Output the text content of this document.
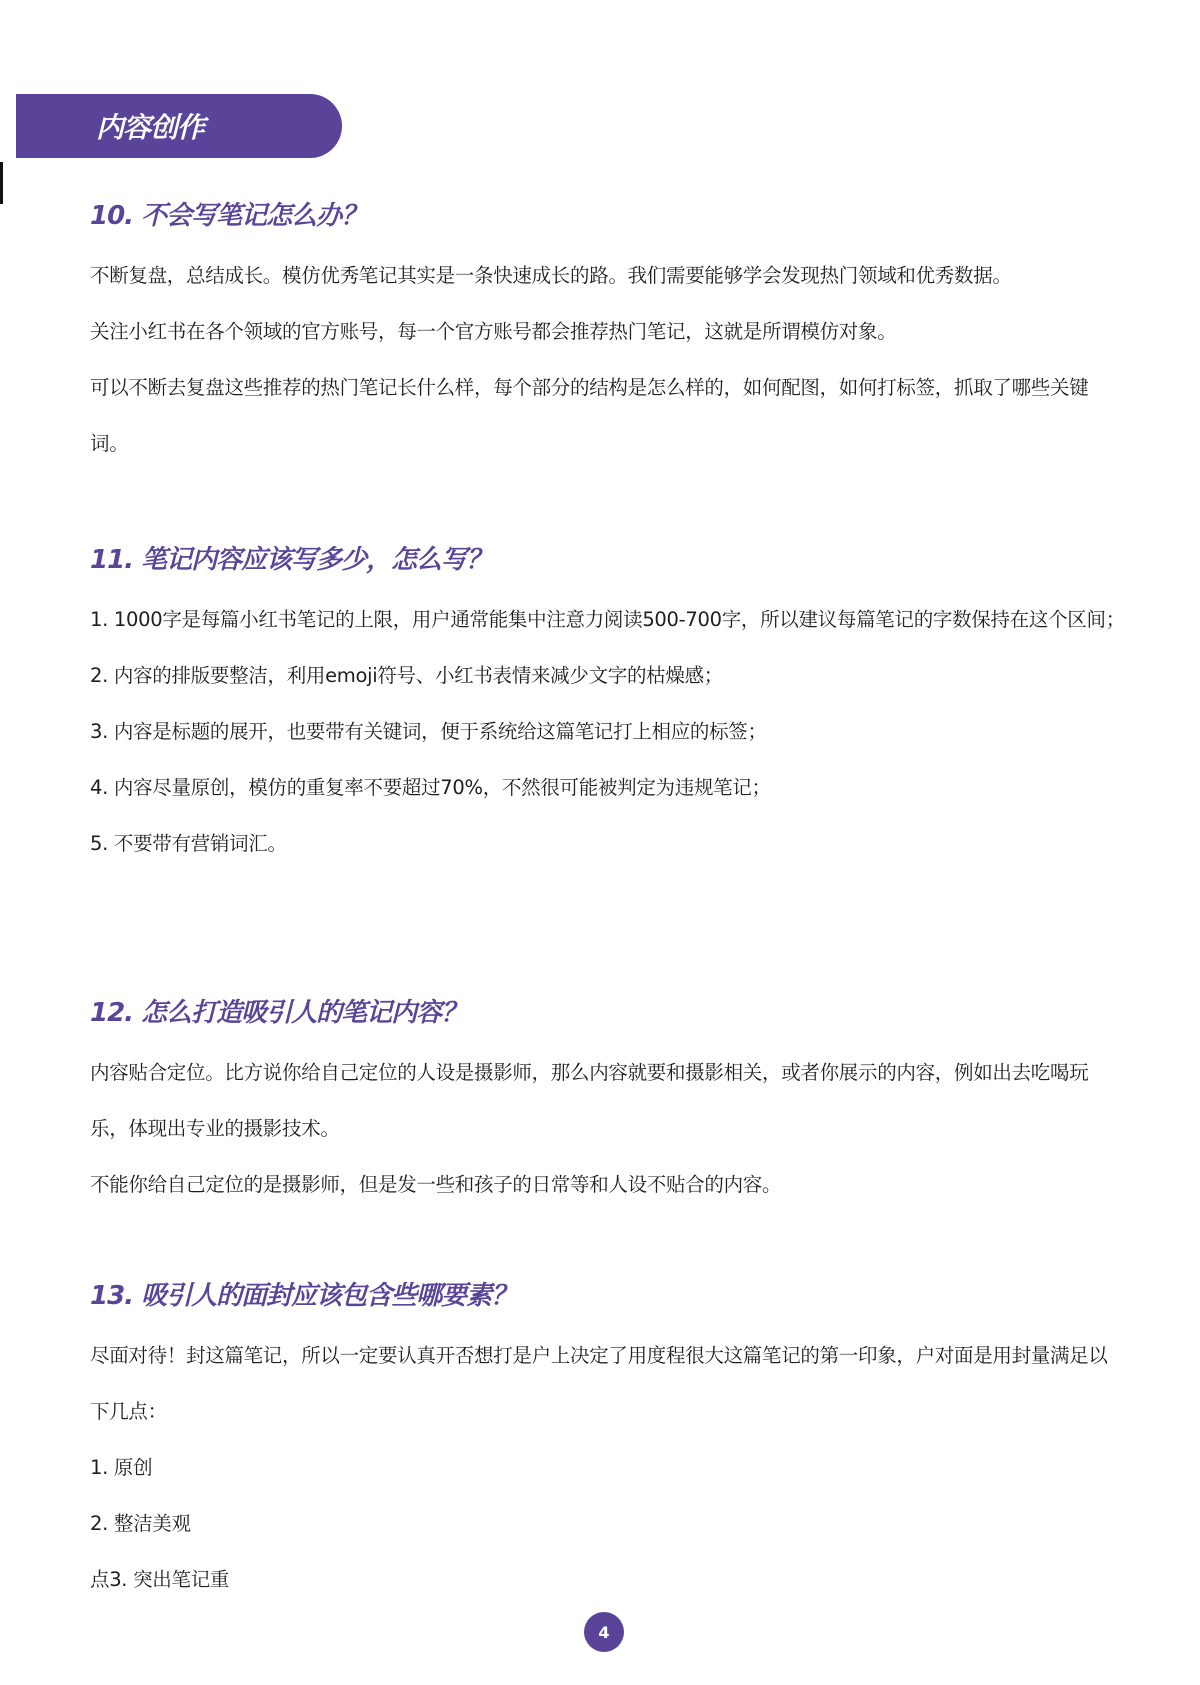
内容创作
10. 不会写笔记怎么办？

不断复盘，总结成长。模仿优秀笔记其实是一条快速成长的路。我们需要能够学会发现热门领域和优秀数据。

关注小红书在各个领域的官方账号，每一个官方账号都会推荐热门笔记，这就是所谓模仿对象。

可以不断去复盘这些推荐的热门笔记长什么样，每个部分的结构是怎么样的，如何配图，如何打标签，抓取了哪些关键词。

11. 笔记内容应该写多少，怎么写？

1. 1000字是每篇小红书笔记的上限，用户通常能集中注意力阅读500-700字，所以建议每篇笔记的字数保持在这个区间；

2. 内容的排版要整洁，利用emoji符号、小红书表情来减少文字的枯燥感；

3. 内容是标题的展开，也要带有关键词，便于系统给这篇笔记打上相应的标签；

4. 内容尽量原创，模仿的重复率不要超过70%，不然很可能被判定为违规笔记；

5. 不要带有营销词汇。

12. 怎么打造吸引人的笔记内容？

内容贴合定位。比方说你给自己定位的人设是摄影师，那么内容就要和摄影相关，或者你展示的内容，例如出去吃喝玩乐，体现出专业的摄影技术。

不能你给自己定位的是摄影师，但是发一些和孩子的日常等和人设不贴合的内容。

13. 吸引人的面封应该包含些哪要素？

尽面对待！封这篇笔记，所以一定要认真开否想打是户上决定了用度程很大这篇笔记的第一印象，户对面是用封量满足以下几点：

1. 原创

2. 整洁美观

点3. 突出笔记重

4
